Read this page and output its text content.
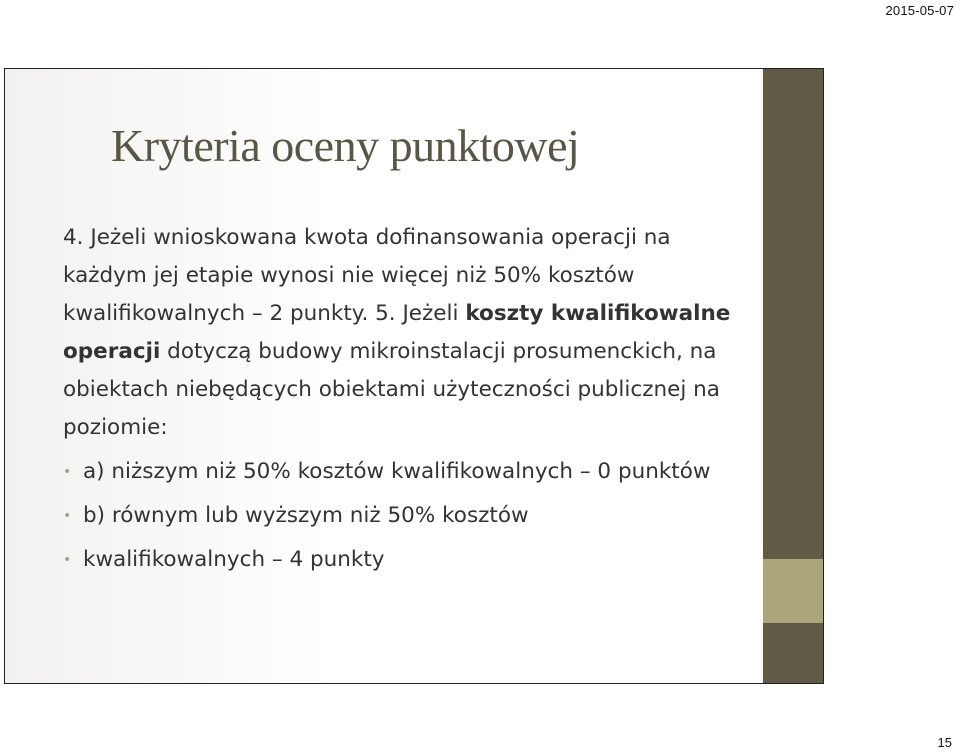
2015-05-07
Kryteria oceny punktowej

4. Jeżeli wnioskowana kwota dofinansowania operacji na każdym jej etapie wynosi nie więcej niż 50% kosztów kwalifikowalnych – 2 punkty. 5. Jeżeli koszty kwalifikowalne operacji dotyczą budowy mikroinstalacji prosumenckich, na obiektach niebędących obiektami użyteczności publicznej na poziomie:

• a) niższym niż 50% kosztów kwalifikowalnych – 0 punktów
• b) równym lub wyższym niż 50% kosztów
• kwalifikowalnych – 4 punkty
15
